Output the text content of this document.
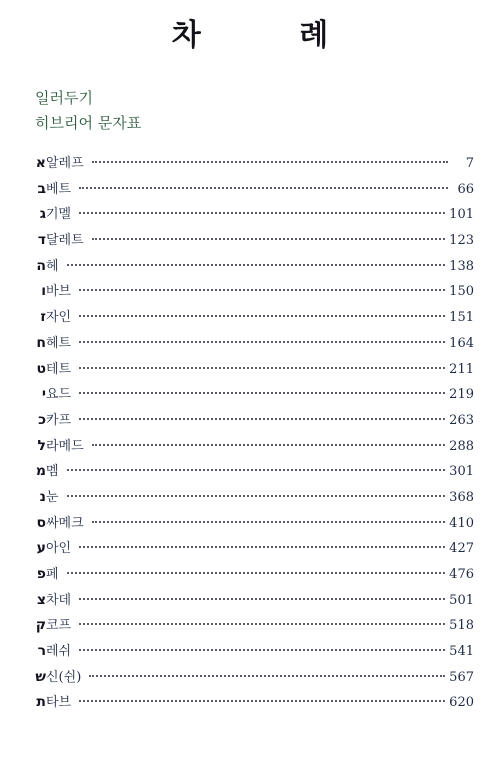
차 례
일러두기
히브리어 문자표
א 알레프	7
ב 베트	66
ג 기멜	101
ד 달레트	123
ה 헤	138
ו 바브	150
ז 자인	151
ח 헤트	164
ט 테트	211
י 요드	219
כ 카프	263
ל 라메드	288
מ 멤	301
נ 눈	368
ס 싸메크	410
ע 아인	427
פ 페	476
צ 차데	501
ק 코프	518
ר 레쉬	541
ש 신(쉰)	567
ת 타브	620
